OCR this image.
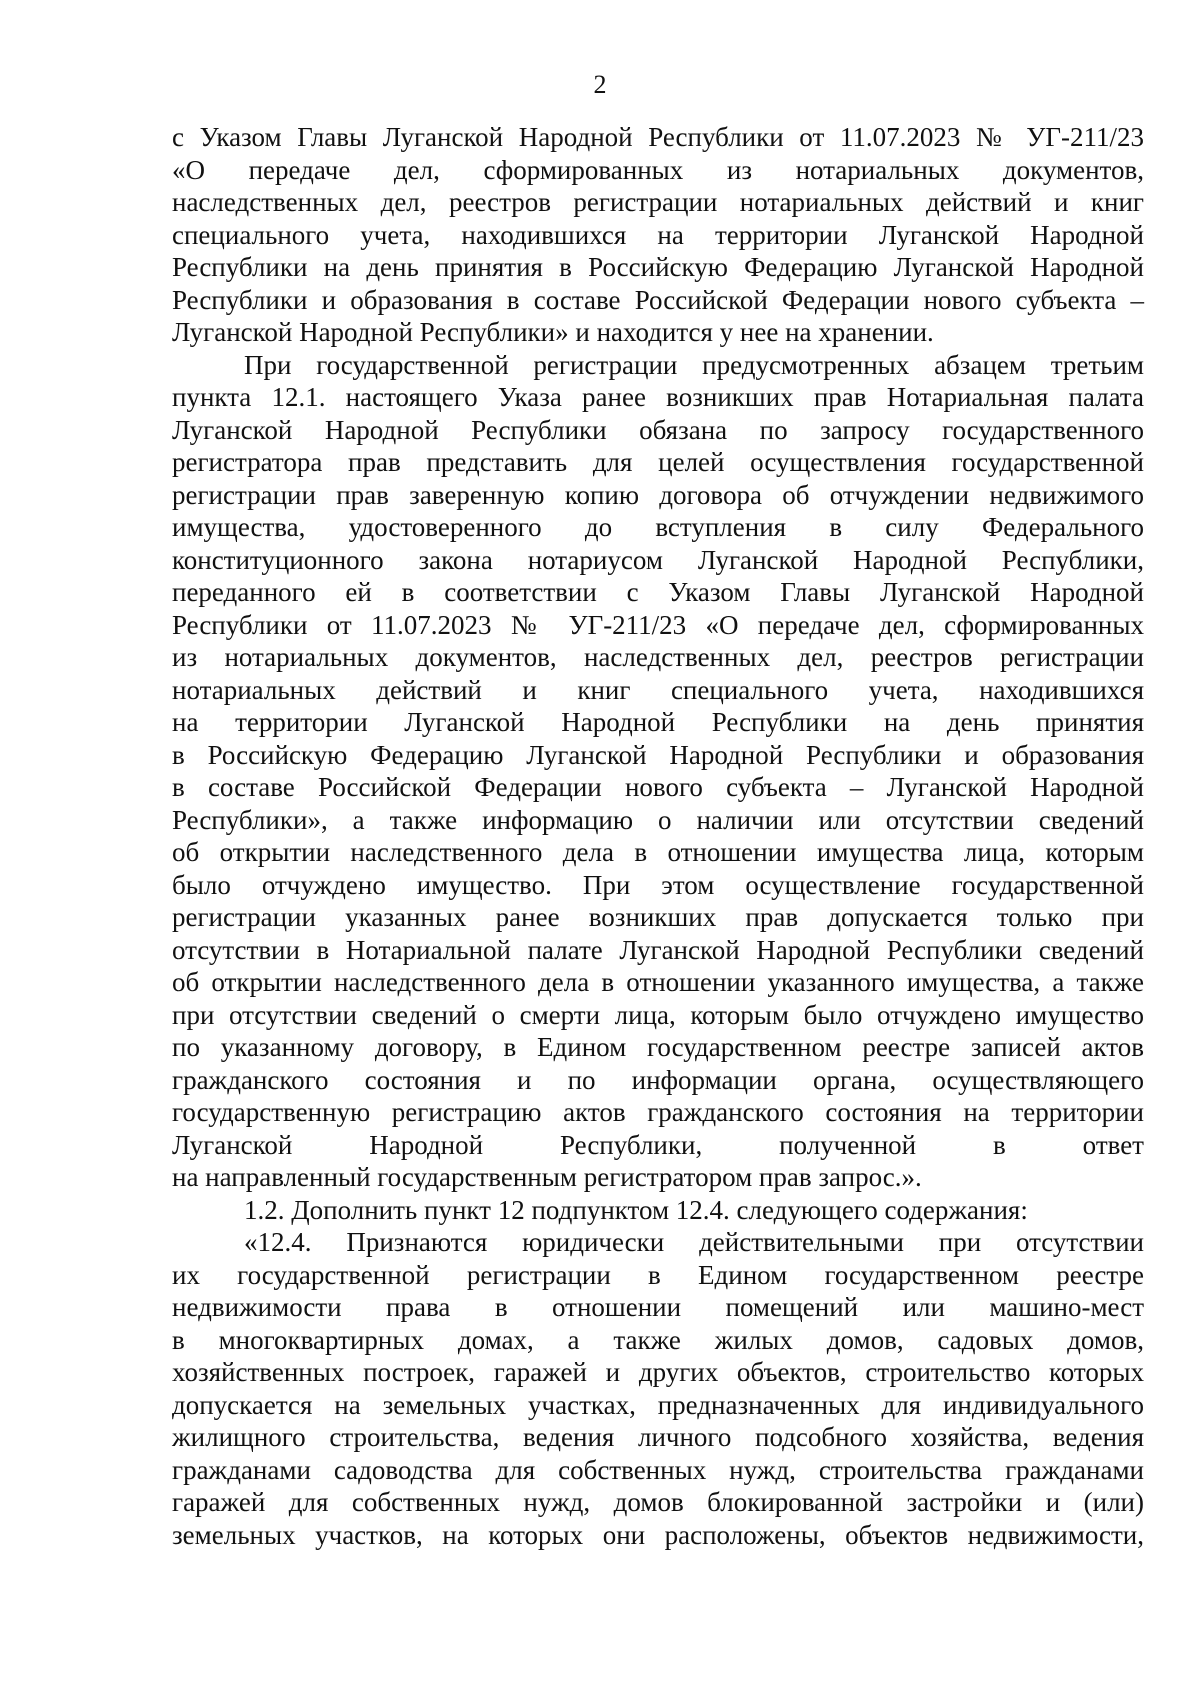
2

с Указом Главы Луганской Народной Республики от 11.07.2023 № УГ-211/23
«О передаче дел, сформированных из нотариальных документов,
наследственных дел, реестров регистрации нотариальных действий и книг
специального учета, находившихся на территории Луганской Народной
Республики на день принятия в Российскую Федерацию Луганской Народной
Республики и образования в составе Российской Федерации нового субъекта –
Луганской Народной Республики» и находится у нее на хранении.

При государственной регистрации предусмотренных абзацем третьим
пункта 12.1. настоящего Указа ранее возникших прав Нотариальная палата
Луганской Народной Республики обязана по запросу государственного
регистратора прав представить для целей осуществления государственной
регистрации прав заверенную копию договора об отчуждении недвижимого
имущества, удостоверенного до вступления в силу Федерального
конституционного закона нотариусом Луганской Народной Республики,
переданного ей в соответствии с Указом Главы Луганской Народной
Республики от 11.07.2023 № УГ-211/23 «О передаче дел, сформированных
из нотариальных документов, наследственных дел, реестров регистрации
нотариальных действий и книг специального учета, находившихся
на территории Луганской Народной Республики на день принятия
в Российскую Федерацию Луганской Народной Республики и образования
в составе Российской Федерации нового субъекта – Луганской Народной
Республики», а также информацию о наличии или отсутствии сведений
об открытии наследственного дела в отношении имущества лица, которым
было отчуждено имущество. При этом осуществление государственной
регистрации указанных ранее возникших прав допускается только при
отсутствии в Нотариальной палате Луганской Народной Республики сведений
об открытии наследственного дела в отношении указанного имущества, а также
при отсутствии сведений о смерти лица, которым было отчуждено имущество
по указанному договору, в Едином государственном реестре записей актов
гражданского состояния и по информации органа, осуществляющего
государственную регистрацию актов гражданского состояния на территории
Луганской Народной Республики, полученной в ответ
на направленный государственным регистратором прав запрос.».

1.2. Дополнить пункт 12 подпунктом 12.4. следующего содержания:

«12.4. Признаются юридически действительными при отсутствии
их государственной регистрации в Едином государственном реестре
недвижимости права в отношении помещений или машино-мест
в многоквартирных домах, а также жилых домов, садовых домов,
хозяйственных построек, гаражей и других объектов, строительство которых
допускается на земельных участках, предназначенных для индивидуального
жилищного строительства, ведения личного подсобного хозяйства, ведения
гражданами садоводства для собственных нужд, строительства гражданами
гаражей для собственных нужд, домов блокированной застройки и (или)
земельных участков, на которых они расположены, объектов недвижимости,
